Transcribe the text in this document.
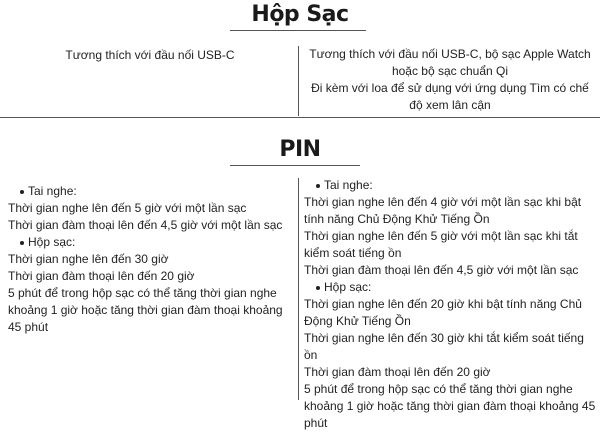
Hộp Sạc
Tương thích với đầu nối USB-C	Tương thích với đầu nối USB-C, bộ sạc Apple Watch hoặc bộ sạc chuẩn Qi

Đi kèm với loa để sử dụng với ứng dụng Tìm có chế độ xem lân cận

PIN
Tai nghe:
Thời gian nghe lên đến 5 giờ với một lần sạc
Thời gian đàm thoại lên đến 4,5 giờ với một lần sạc
Hộp sạc:
Thời gian nghe lên đến 30 giờ
Thời gian đàm thoại lên đến 20 giờ
5 phút để trong hộp sạc có thể tăng thời gian nghe khoảng 1 giờ hoặc tăng thời gian đàm thoại khoảng 45 phút
Tai nghe:
Thời gian nghe lên đến 4 giờ với một lần sạc khi bật tính năng Chủ Động Khử Tiếng Ồn
Thời gian nghe lên đến 5 giờ với một lần sạc khi tắt kiểm soát tiếng ồn
Thời gian đàm thoại lên đến 4,5 giờ với một lần sạc
Hộp sạc:
Thời gian nghe lên đến 20 giờ khi bật tính năng Chủ Động Khử Tiếng Ồn
Thời gian nghe lên đến 30 giờ khi tắt kiểm soát tiếng ồn
Thời gian đàm thoại lên đến 20 giờ
5 phút để trong hộp sạc có thể tăng thời gian nghe khoảng 1 giờ hoặc tăng thời gian đàm thoại khoảng 45 phút
